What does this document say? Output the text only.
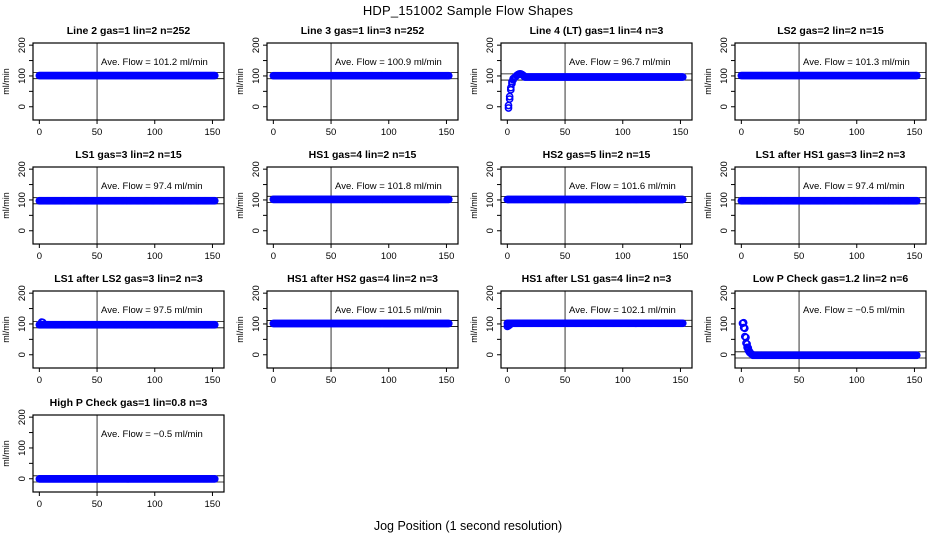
HDP_151002 Sample Flow Shapes
Line 2 gas=1 lin=2 n=252
0	50	100	150
0
100
200
ml/min
Ave. Flow = 101.2 ml/min
Line 3 gas=1 lin=3 n=252
0	50	100	150
0
100
200
ml/min
Ave. Flow = 100.9 ml/min
Line 4 (LT) gas=1 lin=4 n=3
0	50	100	150
0
100
200
ml/min
Ave. Flow = 96.7 ml/min
LS2 gas=2 lin=2 n=15
0	50	100	150
0
100
200
ml/min
Ave. Flow = 101.3 ml/min
LS1 gas=3 lin=2 n=15
0	50	100	150
0
100
200
ml/min
Ave. Flow = 97.4 ml/min
HS1 gas=4 lin=2 n=15
0	50	100	150
0
100
200
ml/min
Ave. Flow = 101.8 ml/min
HS2 gas=5 lin=2 n=15
0	50	100	150
0
100
200
ml/min
Ave. Flow = 101.6 ml/min
LS1 after HS1 gas=3 lin=2 n=3
0	50	100	150
0
100
200
ml/min
Ave. Flow = 97.4 ml/min
LS1 after LS2 gas=3 lin=2 n=3
0	50	100	150
0
100
200
ml/min
Ave. Flow = 97.5 ml/min
HS1 after HS2 gas=4 lin=2 n=3
0	50	100	150
0
100
200
ml/min
Ave. Flow = 101.5 ml/min
HS1 after LS1 gas=4 lin=2 n=3
0	50	100	150
0
100
200
ml/min
Ave. Flow = 102.1 ml/min
Low P Check gas=1.2 lin=2 n=6
0	50	100	150
0
100
200
ml/min
Ave. Flow = −0.5 ml/min
High P Check gas=1 lin=0.8 n=3
0	50	100	150
0
100
200
ml/min
Ave. Flow = −0.5 ml/min
Jog Position (1 second resolution)
